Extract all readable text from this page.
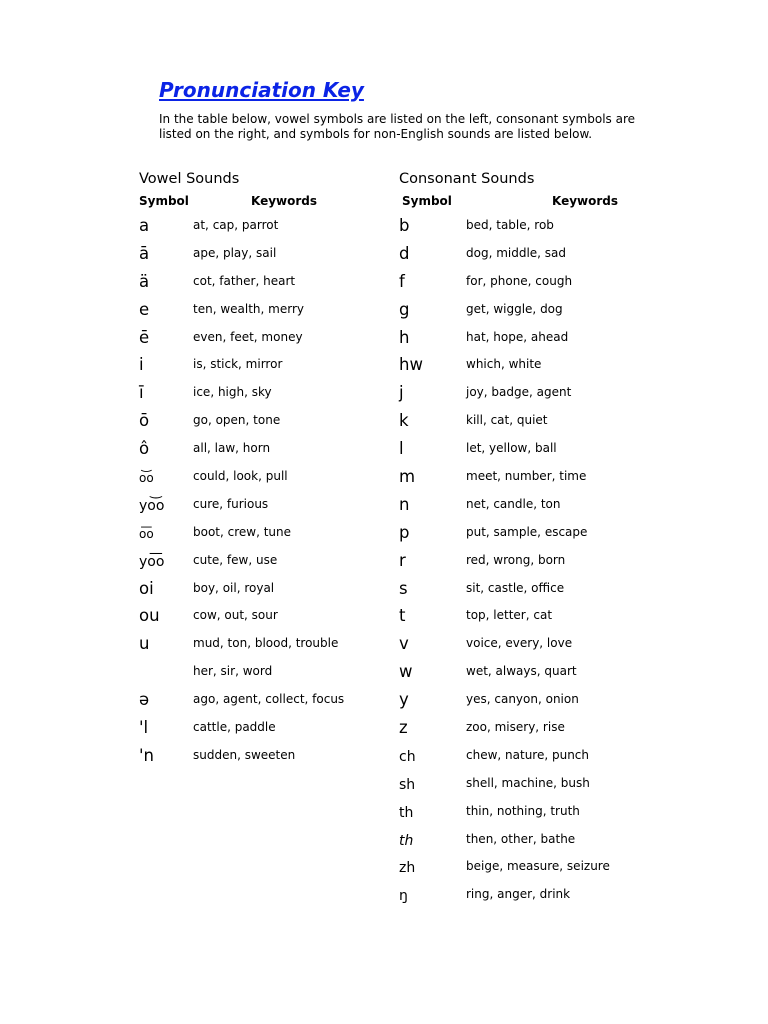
Pronunciation Key

In the table below, vowel symbols are listed on the left, consonant symbols are listed on the right, and symbols for non-English sounds are listed below.

Vowel Sounds	Consonant Sounds
Symbol	Keywords	Symbol	Keywords
a	at, cap, parrot
ā	ape, play, sail
ä	cot, father, heart
e	ten, wealth, merry
ē	even, feet, money
i	is, stick, mirror
ī	ice, high, sky
ō	go, open, tone
ô	all, law, horn
o͝o	could, look, pull
yo͝o cure, furious
o͞o	boot, crew, tune
yo͞o cute, few, use
oi	boy, oil, royal
ou	cow, out, sour
u	mud, ton, blood, trouble
her, sir, word
ə	ago, agent, collect, focus
'l	cattle, paddle
'n	sudden, sweeten
b	bed, table, rob
d	dog, middle, sad
f	for, phone, cough
g	get, wiggle, dog
h	hat, hope, ahead
hw	which, white
j	joy, badge, agent
k	kill, cat, quiet
l	let, yellow, ball
m	meet, number, time
n	net, candle, ton
p	put, sample, escape
r	red, wrong, born
s	sit, castle, office
t	top, letter, cat
v	voice, every, love
w	wet, always, quart
y	yes, canyon, onion
z	zoo, misery, rise
ch	chew, nature, punch
sh	shell, machine, bush
th	thin, nothing, truth
th	then, other, bathe
zh	beige, measure, seizure
ŋ	ring, anger, drink
